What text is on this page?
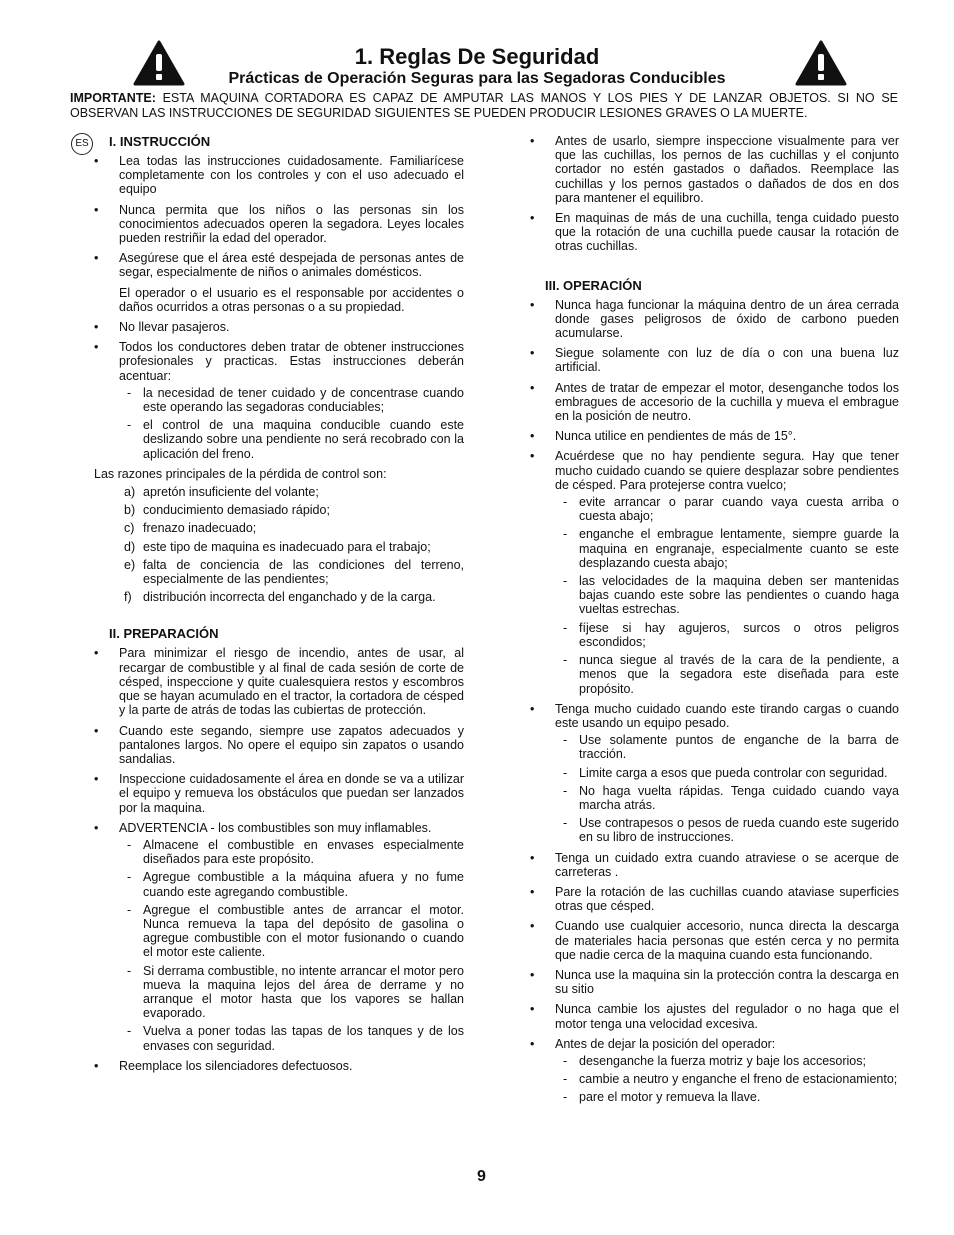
1. Reglas De Seguridad
Prácticas de Operación Seguras para las Segadoras Conducibles

IMPORTANTE: ESTA MAQUINA CORTADORA ES CAPAZ DE AMPUTAR LAS MANOS Y LOS PIES Y DE LANZAR OBJETOS. SI NO SE OBSERVAN LAS INSTRUCCIONES DE SEGURIDAD SIGUIENTES SE PUEDEN PRODUCIR LESIONES GRAVES O LA MUERTE.

ES	I. INSTRUCCIÓN
• Lea todas las instrucciones cuidadosamente. Familiarícese completamente con los controles y con el uso adecuado el equipo
• Nunca permita que los niños o las personas sin los conocimientos adecuados operen la segadora. Leyes locales pueden restriñir la edad del operador.
• Asegúrese que el área esté despejada de personas antes de segar, especialmente de niños o animales domésticos.

El operador o el usuario es el responsable por accidentes o daños ocurridos a otras personas o a su propiedad.

• No llevar pasajeros.
• Todos los conductores deben tratar de obtener instrucciones profesionales y practicas. Estas instrucciones deberán acentuar:
- la necesidad de tener cuidado y de concentrase cuando este operando las segadoras conduciables;
- el control de una maquina conducible cuando este deslizando sobre una pendiente no será recobrado con la aplicación del freno.

Las razones principales de la pérdida de control son:

a) apretón insuficiente del volante;
b) conducimiento demasiado rápido;
c) frenazo inadecuado;
d) este tipo de maquina es inadecuado para el trabajo;
e) falta de conciencia de las condiciones del terreno, especialmente de las pendientes;
f) distribución incorrecta del enganchado y de la carga.
II. PREPARACIÓN
• Para minimizar el riesgo de incendio, antes de usar, al recargar de combustible y al final de cada sesión de corte de césped, inspeccione y quite cualesquiera restos y escombros que se hayan acumulado en el tractor, la cortadora de césped y la parte de atrás de todas las cubiertas de protección.
• Cuando este segando, siempre use zapatos adecuados y pantalones largos. No opere el equipo sin zapatos o usando sandalias.
• Inspeccione cuidadosamente el área en donde se va a utilizar el equipo y remueva los obstáculos que puedan ser lanzados por la maquina.
• ADVERTENCIA - los combustibles son muy inflamables.
- Almacene el combustible en envases especialmente diseñados para este propósito.
- Agregue combustible a la máquina afuera y no fume cuando este agregando combustible.
- Agregue el combustible antes de arrancar el motor. Nunca remueva la tapa del depósito de gasolina o agregue combustible con el motor fusionando o cuando el motor este caliente.
- Si derrama combustible, no intente arrancar el motor pero mueva la maquina lejos del área de derrame y no arranque el motor hasta que los vapores se hallan evaporado.
- Vuelva a poner todas las tapas de los tanques y de los envases con seguridad.
• Reemplace los silenciadores defectuosos.
• Antes de usarlo, siempre inspeccione visualmente para ver que las cuchillas, los pernos de las cuchillas y el conjunto cortador no estén gastados o dañados. Reemplace las cuchillas y los pernos gastados o dañados de dos en dos para mantener el equilibro.
• En maquinas de más de una cuchilla, tenga cuidado puesto que la rotación de una cuchilla puede causar la rotación de otras cuchillas.
III. OPERACIÓN
• Nunca haga funcionar la máquina dentro de un área cerrada donde gases peligrosos de óxido de carbono pueden acumularse.
• Siegue solamente con luz de día o con una buena luz artificial.
• Antes de tratar de empezar el motor, desenganche todos los embragues de accesorio de la cuchilla y mueva el embrague en la posición de neutro.
• Nunca utilice en pendientes de más de 15°.
• Acuérdese que no hay pendiente segura. Hay que tener mucho cuidado cuando se quiere desplazar sobre pendientes de césped. Para protejerse contra vuelco;
- evite arrancar o parar cuando vaya cuesta arriba o cuesta abajo;
- enganche el embrague lentamente, siempre guarde la maquina en engranaje, especialmente cuanto se este desplazando cuesta abajo;
- las velocidades de la maquina deben ser mantenidas bajas cuando este sobre las pendientes o cuando haga vueltas estrechas.
- fíjese si hay agujeros, surcos o otros peligros escondidos;
- nunca siegue al través de la cara de la pendiente, a menos que la segadora este diseñada para este propósito.
• Tenga mucho cuidado cuando este tirando cargas o cuando este usando un equipo pesado.
- Use solamente puntos de enganche de la barra de tracción.
- Limite carga a esos que pueda controlar con seguridad.
- No haga vuelta rápidas. Tenga cuidado cuando vaya marcha atrás.
- Use contrapesos o pesos de rueda cuando este sugerido en su libro de instrucciones.
• Tenga un cuidado extra cuando atraviese o se acerque de carreteras .
• Pare la rotación de las cuchillas cuando ataviase superficies otras que césped.
• Cuando use cualquier accesorio, nunca directa la descarga de materiales hacia personas que estén cerca y no permita que nadie cerca de la maquina cuando esta funcionando.
• Nunca use la maquina sin la protección contra la descarga en su sitio
• Nunca cambie los ajustes del regulador o no haga que el motor tenga una velocidad excesiva.
• Antes de dejar la posición del operador:
- desenganche la fuerza motriz y baje los accesorios;
- cambie a neutro y enganche el freno de estacionamiento;
- pare el motor y remueva la llave.
9
